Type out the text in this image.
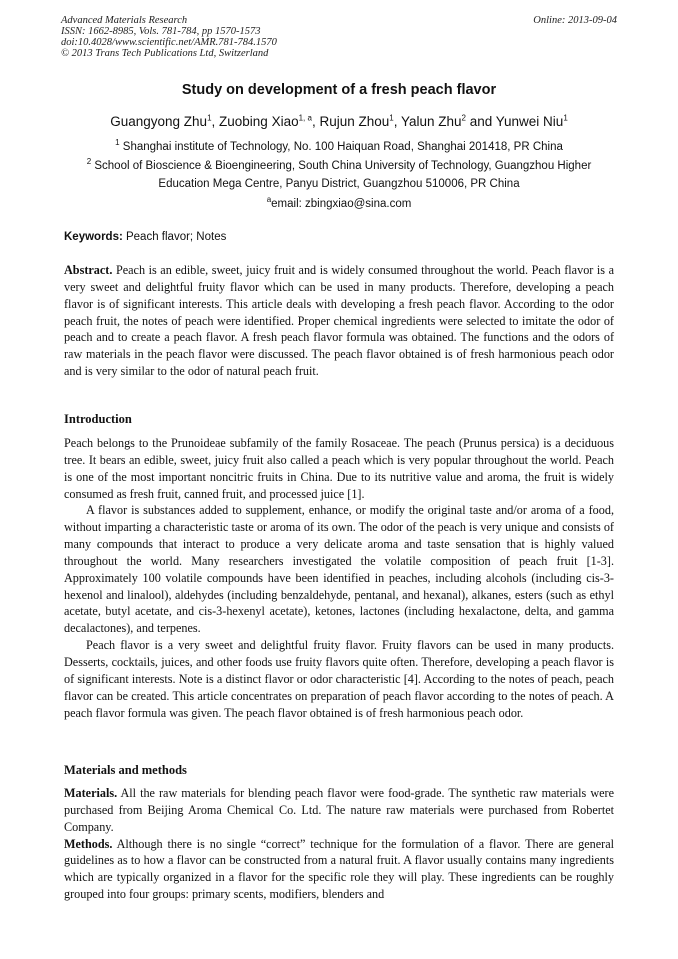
Advanced Materials Research
ISSN: 1662-8985, Vols. 781-784, pp 1570-1573
doi:10.4028/www.scientific.net/AMR.781-784.1570
© 2013 Trans Tech Publications Ltd, Switzerland
Online: 2013-09-04
Study on development of a fresh peach flavor
Guangyong Zhu$^1$, Zuobing Xiao$^{1, a}$, Rujun Zhou$^1$, Yalun Zhu$^2$ and Yunwei Niu$^1$
$^1$ Shanghai institute of Technology, No. 100 Haiquan Road, Shanghai 201418, PR China
$^2$ School of Bioscience & Bioengineering, South China University of Technology, Guangzhou Higher
Education Mega Centre, Panyu District, Guangzhou 510006, PR China
$^a$email: zbingxiao@sina.com
Keywords: Peach flavor; Notes

Abstract. Peach is an edible, sweet, juicy fruit and is widely consumed throughout the world. Peach flavor is a very sweet and delightful fruity flavor which can be used in many products. Therefore, developing a peach flavor is of significant interests. This article deals with developing a fresh peach flavor. According to the odor peach fruit, the notes of peach were identified. Proper chemical ingredients were selected to imitate the odor of peach and to create a peach flavor. A fresh peach flavor formula was obtained. The functions and the odors of raw materials in the peach flavor were discussed. The peach flavor obtained is of fresh harmonious peach odor and is very similar to the odor of natural peach fruit.

Introduction

Peach belongs to the Prunoideae subfamily of the family Rosaceae. The peach (Prunus persica) is a deciduous tree. It bears an edible, sweet, juicy fruit also called a peach which is very popular throughout the world. Peach is one of the most important noncitric fruits in China. Due to its nutritive value and aroma, the fruit is widely consumed as fresh fruit, canned fruit, and processed juice [1].

A flavor is substances added to supplement, enhance, or modify the original taste and/or aroma of a food, without imparting a characteristic taste or aroma of its own. The odor of the peach is very unique and consists of many compounds that interact to produce a very delicate aroma and taste sensation that is highly valued throughout the world. Many researchers investigated the volatile composition of peach fruit [1-3]. Approximately 100 volatile compounds have been identified in peaches, including alcohols (including cis-3-hexenol and linalool), aldehydes (including benzaldehyde, pentanal, and hexanal), alkanes, esters (such as ethyl acetate, butyl acetate, and cis-3-hexenyl acetate), ketones, lactones (including hexalactone, delta, and gamma decalactones), and terpenes.

Peach flavor is a very sweet and delightful fruity flavor. Fruity flavors can be used in many products. Desserts, cocktails, juices, and other foods use fruity flavors quite often. Therefore, developing a peach flavor is of significant interests. Note is a distinct flavor or odor characteristic [4]. According to the notes of peach, peach flavor can be created. This article concentrates on preparation of peach flavor according to the notes of peach. A peach flavor formula was given. The peach flavor obtained is of fresh harmonious peach odor.

Materials and methods

Materials. All the raw materials for blending peach flavor were food-grade. The synthetic raw materials were purchased from Beijing Aroma Chemical Co. Ltd. The nature raw materials were purchased from Robertet Company.

Methods. Although there is no single “correct” technique for the formulation of a flavor. There are general guidelines as to how a flavor can be constructed from a natural fruit. A flavor usually contains many ingredients which are typically organized in a flavor for the specific role they will play. These ingredients can be roughly grouped into four groups: primary scents, modifiers, blenders and
